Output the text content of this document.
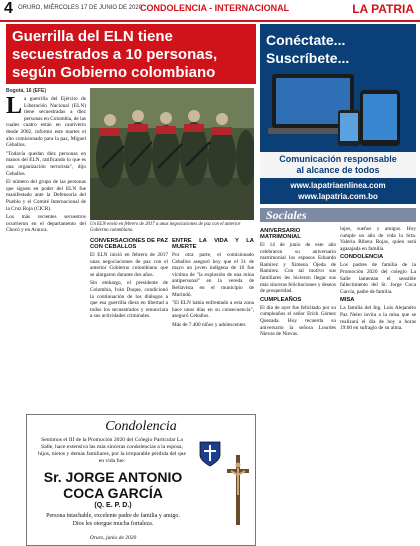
4 ORURO, MIÉRCOLES 17 DE JUNIO DE 2020
CONDOLENCIA - INTERNACIONAL	LA PATRIA
Guerrilla del ELN tiene secuestrados a 10 personas, según Gobierno colombiano
Bogotá, 16 (EFE)

La guerrilla del Ejército de Liberación Nacional (ELN) tiene secuestradas a diez personas en Colombia, de las cuales cuatro están en cautiverio desde 2002, informó este martes el alto comisionado para la paz, Miguel Ceballos.

"Todavía quedan diez personas en manos del ELN, ratificando lo que es una organización terrorista", dijo Ceballos.

El número del grupo de las personas que siguen en poder del ELN fue manifestado ante la Defensoría del Pueblo y el Comité Internacional de la Cruz Roja (CICR).

Los más recientes secuestros ocurrieron en el departamento del Chocó y en Arauca.

Un ELN envió en febrero de 2017 a unas negociaciones de paz con el anterior Gobierno colombiano.
CONVERSACIONES DE PAZ CON CEBALLOS

El ELN inició en febrero de 2017 unas negociaciones de paz con el anterior Gobierno colombiano que se alargaron durante dos años.

Sin embargo, el presidente de Colombia, Iván Duque, condicionó la continuación de los diálogos a que esa guerrilla diera en libertad a todos los secuestrados y renunciara a sus actividades criminales.

ENTRE LA VIDA Y LA MUERTE

Por otra parte, el comisionado Ceballos aseguró hoy que el 31 de mayo un joven indígena de 16 fue víctima de "la explosión de una mina antipersonal" en la vereda de Bellavista en el municipio de Murindó.

"El ELN había enfrentado a esta zona hace unos días en su consecuencia", aseguró Ceballos.

Más de 7.400 niños y adolescentes

Conéctate...
Suscríbete...
Comunicación responsable
al alcance de todos
www.lapatriaenlinea.com
www.lapatria.com.bo
Sociales
ANIVERSARIO MATRIMONIAL

El 14 de junio de este año celebraron su aniversario matrimonial los esposos Eduardo Ramírez y Ximena Ojeda de Ramírez. Con tal motivo sus familiares les hicieron llegar sus más sinceras felicitaciones y deseos de prosperidad.

CUMPLEAÑOS

El día de ayer fue felicitado por su cumpleaños el señor Erick Gómez Quezada. Hoy recuerda su aniversario la señora Lourdes Nievas de Nievas.

lujos, sueños y amigos. Hoy cumple un año de vida la Srta. Valeria Ribera Rojas, quien será agasajada en familia.

CONDOLENCIA

Los padres de familia de la Promoción 2020 del colegio La Salle lamentan el sensible fallecimiento del Sr. Jorge Coca García, padre de familia.

MISA

La familia del Ing. Luis Alejandro Paz Neito invita a la misa que se realizará el día de hoy a horas 19:00 en sufragio de su alma.

Condolencia
Sentimos el III de la Promoción 2020 del Colegio Particular La Salle, hace extensiva las más sinceras condolencias a la esposa, hijos, nietos y demás familiares, por la irreparable pérdida del que en vida fue:
Sr. JORGE ANTONIO
COCA GARCÍA
(Q. E. P. D.)
Persona intachable, excelente padre de familia y amigo.
Dios les otorgue mucha fortaleza.
Oruro, junio de 2020
